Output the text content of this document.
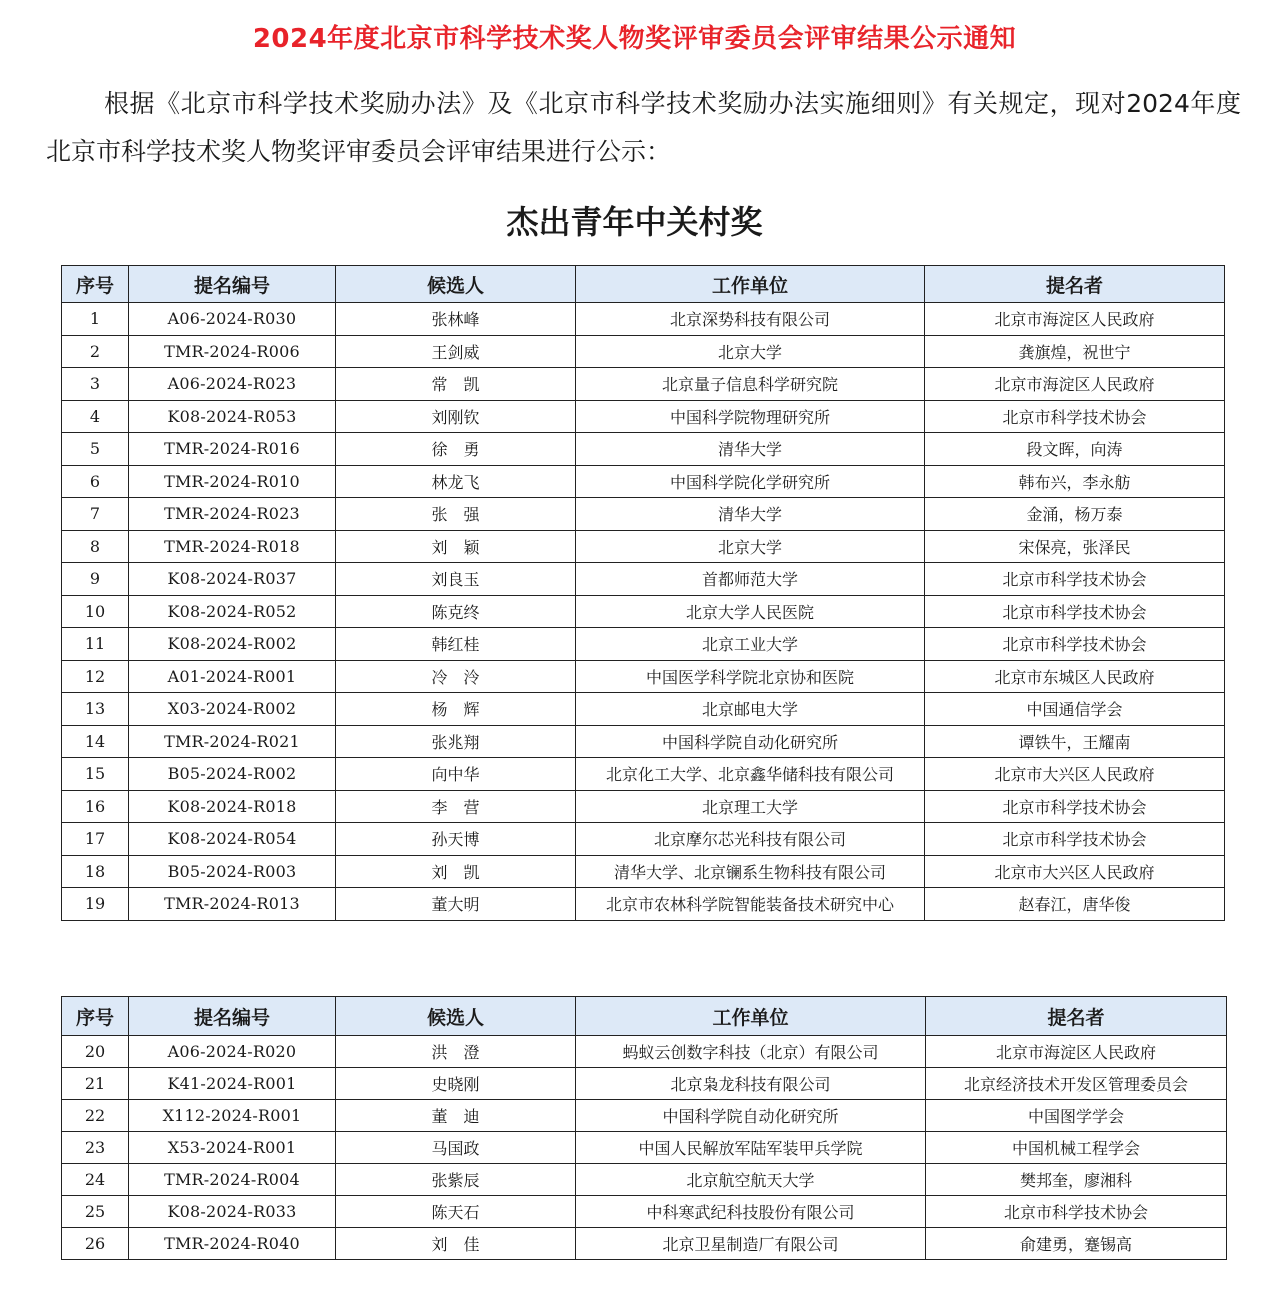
2024年度北京市科学技术奖人物奖评审委员会评审结果公示通知

根据《北京市科学技术奖励办法》及《北京市科学技术奖励办法实施细则》有关规定，现对2024年度北京市科学技术奖人物奖评审委员会评审结果进行公示：

杰出青年中关村奖
序号	提名编号	候选人	工作单位	提名者
1	A06-2024-R030	张林峰	北京深势科技有限公司	北京市海淀区人民政府
2	TMR-2024-R006	王剑威	北京大学	龚旗煌，祝世宁
3	A06-2024-R023	常　凯	北京量子信息科学研究院	北京市海淀区人民政府
4	K08-2024-R053	刘刚钦	中国科学院物理研究所	北京市科学技术协会
5	TMR-2024-R016	徐　勇	清华大学	段文晖，向涛
6	TMR-2024-R010	林龙飞	中国科学院化学研究所	韩布兴，李永舫
7	TMR-2024-R023	张　强	清华大学	金涌，杨万泰
8	TMR-2024-R018	刘　颖	北京大学	宋保亮，张泽民
9	K08-2024-R037	刘良玉	首都师范大学	北京市科学技术协会
10	K08-2024-R052	陈克终	北京大学人民医院	北京市科学技术协会
11	K08-2024-R002	韩红桂	北京工业大学	北京市科学技术协会
12	A01-2024-R001	冷　泠	中国医学科学院北京协和医院	北京市东城区人民政府
13	X03-2024-R002	杨　辉	北京邮电大学	中国通信学会
14	TMR-2024-R021	张兆翔	中国科学院自动化研究所	谭铁牛，王耀南
15	B05-2024-R002	向中华	北京化工大学、北京鑫华储科技有限公司	北京市大兴区人民政府
16	K08-2024-R018	李　营	北京理工大学	北京市科学技术协会
17	K08-2024-R054	孙天博	北京摩尔芯光科技有限公司	北京市科学技术协会
18	B05-2024-R003	刘　凯	清华大学、北京镧系生物科技有限公司	北京市大兴区人民政府
19	TMR-2024-R013	董大明	北京市农林科学院智能装备技术研究中心	赵春江，唐华俊
序号	提名编号	候选人	工作单位	提名者
20	A06-2024-R020	洪　澄	蚂蚁云创数字科技（北京）有限公司	北京市海淀区人民政府
21	K41-2024-R001	史晓刚	北京枭龙科技有限公司	北京经济技术开发区管理委员会
22	X112-2024-R001	董　迪	中国科学院自动化研究所	中国图学学会
23	X53-2024-R001	马国政	中国人民解放军陆军装甲兵学院	中国机械工程学会
24	TMR-2024-R004	张紫辰	北京航空航天大学	樊邦奎，廖湘科
25	K08-2024-R033	陈天石	中科寒武纪科技股份有限公司	北京市科学技术协会
26	TMR-2024-R040	刘　佳	北京卫星制造厂有限公司	俞建勇，蹇锡高
